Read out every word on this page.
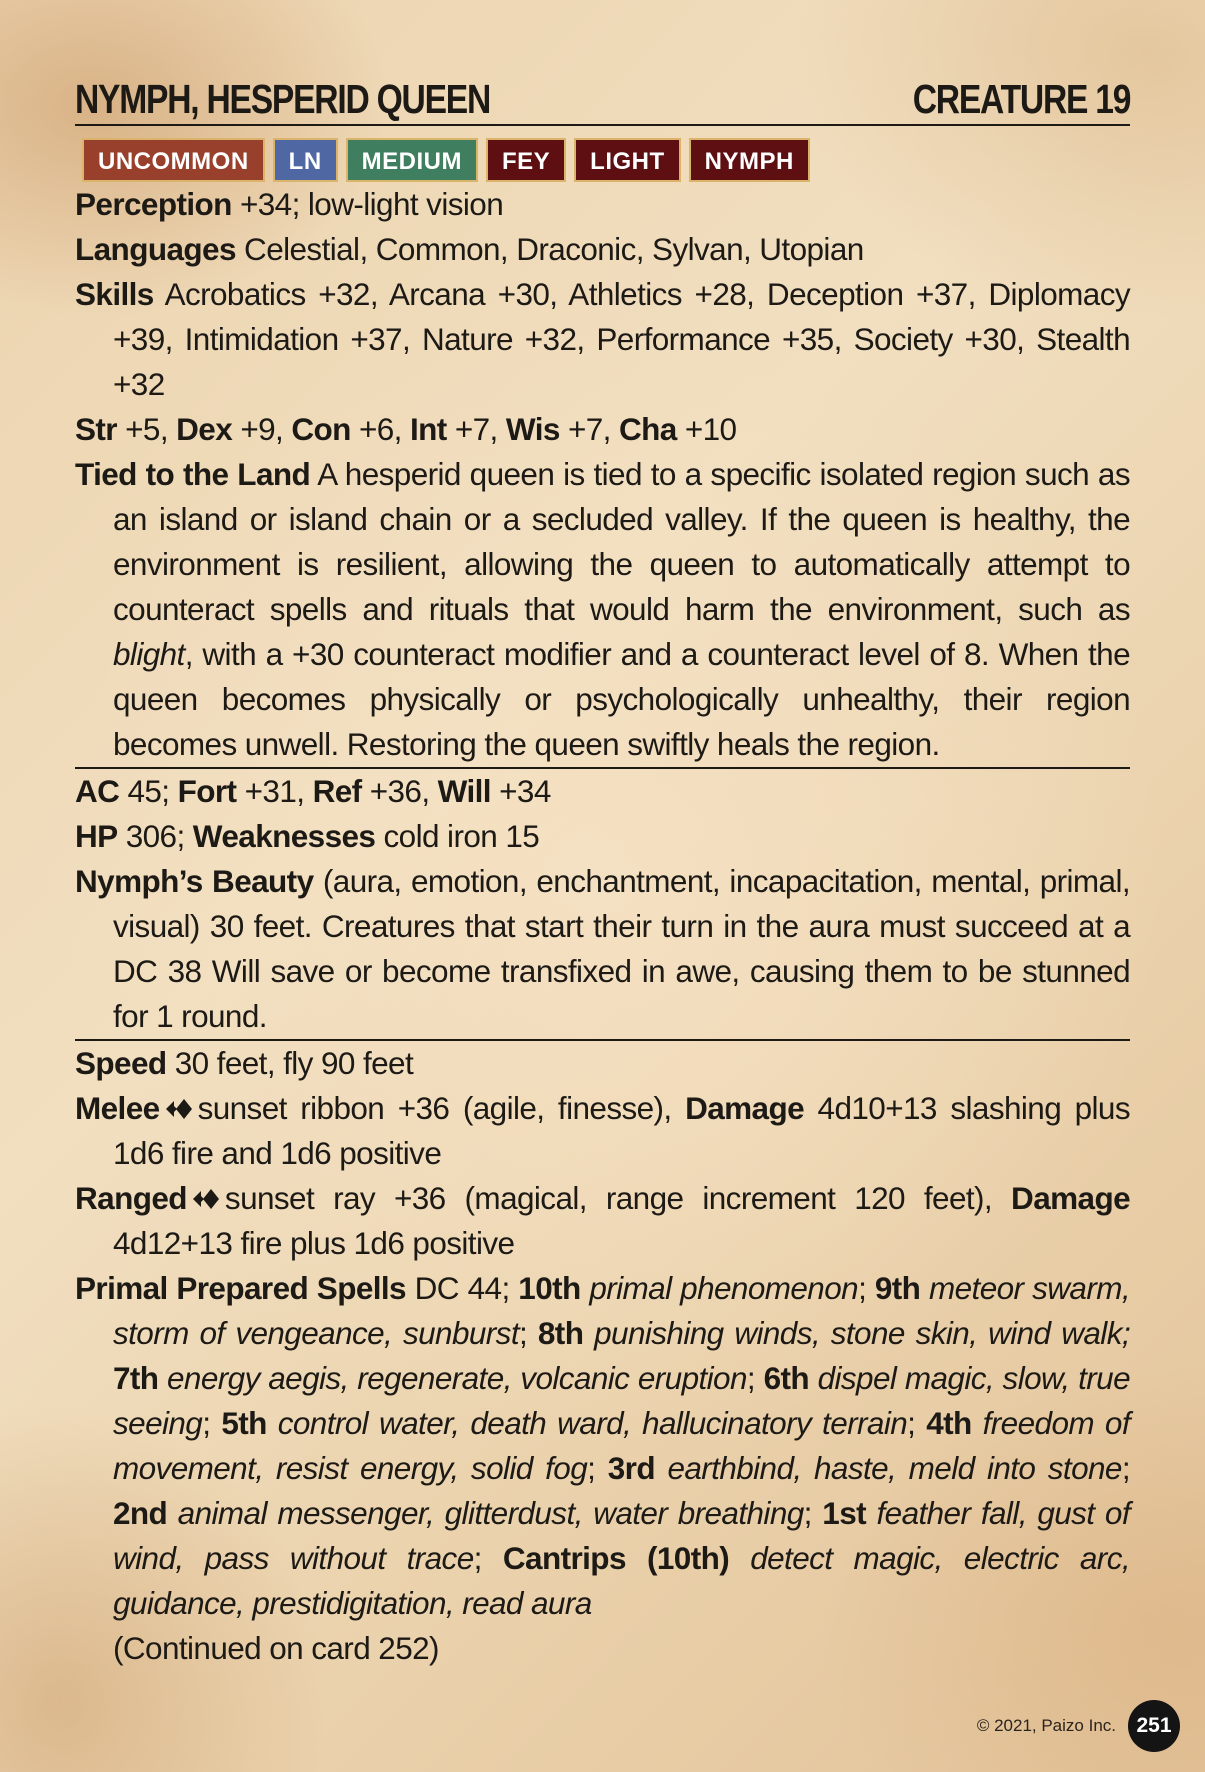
NYMPH, HESPERID QUEEN	CREATURE 19
UNCOMMON	LN	MEDIUM	FEY	LIGHT	NYMPH
Perception +34; low-light vision
Languages Celestial, Common, Draconic, Sylvan, Utopian
Skills Acrobatics +32, Arcana +30, Athletics +28, Deception +37, Diplomacy +39, Intimidation +37, Nature +32, Performance +35, Society +30, Stealth +32
Str +5, Dex +9, Con +6, Int +7, Wis +7, Cha +10
Tied to the Land A hesperid queen is tied to a specific isolated region such as an island or island chain or a secluded valley. If the queen is healthy, the environment is resilient, allowing the queen to automatically attempt to counteract spells and rituals that would harm the environment, such as blight, with a +30 counteract modifier and a counteract level of 8. When the queen becomes physically or psychologically unhealthy, their region becomes unwell. Restoring the queen swiftly heals the region.
AC 45; Fort +31, Ref +36, Will +34
HP 306; Weaknesses cold iron 15
Nymph’s Beauty (aura, emotion, enchantment, incapacitation, mental, primal, visual) 30 feet. Creatures that start their turn in the aura must succeed at a DC 38 Will save or become transfixed in awe, causing them to be stunned for 1 round.
Speed 30 feet, fly 90 feet
Melee sunset ribbon +36 (agile, finesse), Damage 4d10+13 slashing plus 1d6 fire and 1d6 positive
Ranged sunset ray +36 (magical, range increment 120 feet), Damage 4d12+13 fire plus 1d6 positive
Primal Prepared Spells DC 44; 10th primal phenomenon; 9th meteor swarm, storm of vengeance, sunburst; 8th punishing winds, stone skin, wind walk; 7th energy aegis, regenerate, volcanic eruption; 6th dispel magic, slow, true seeing; 5th control water, death ward, hallucinatory terrain; 4th freedom of movement, resist energy, solid fog; 3rd earthbind, haste, meld into stone; 2nd animal messenger, glitterdust, water breathing; 1st feather fall, gust of wind, pass without trace; Cantrips (10th) detect magic, electric arc, guidance, prestidigitation, read aura
(Continued on card 252)
© 2021, Paizo Inc. 251
